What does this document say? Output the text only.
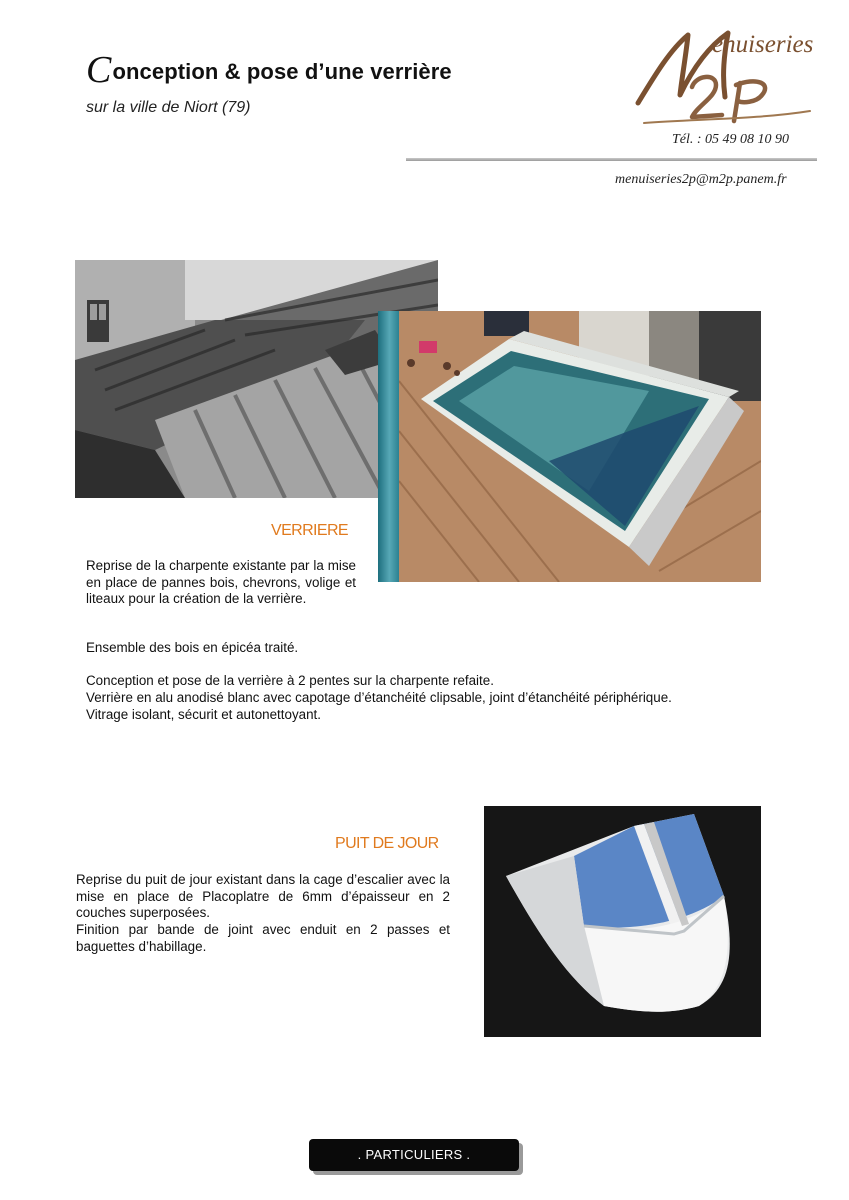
Conception & pose d’une verrière
sur la ville de Niort (79)
enuiseries
Tél. : 05 49 08 10 90
menuiseries2p@m2p.panem.fr
VERRIERE
Reprise de la charpente existante par la mise en place de pannes bois, chevrons, volige et liteaux pour la création de la verrière.
Ensemble des bois en épicéa traité.
Conception et pose de la verrière à 2 pentes sur la charpente refaite.
Verrière en alu anodisé blanc avec capotage d’étanchéité clipsable, joint d’étanchéité périphérique.
Vitrage isolant, sécurit et autonettoyant.
PUIT DE JOUR
Reprise du puit de jour existant dans la cage d’escalier avec la mise en place de Placoplatre de 6mm d’épaisseur en 2 couches superposées.
Finition par bande de joint avec enduit en 2 passes et baguettes d’habillage.
. PARTICULIERS .
